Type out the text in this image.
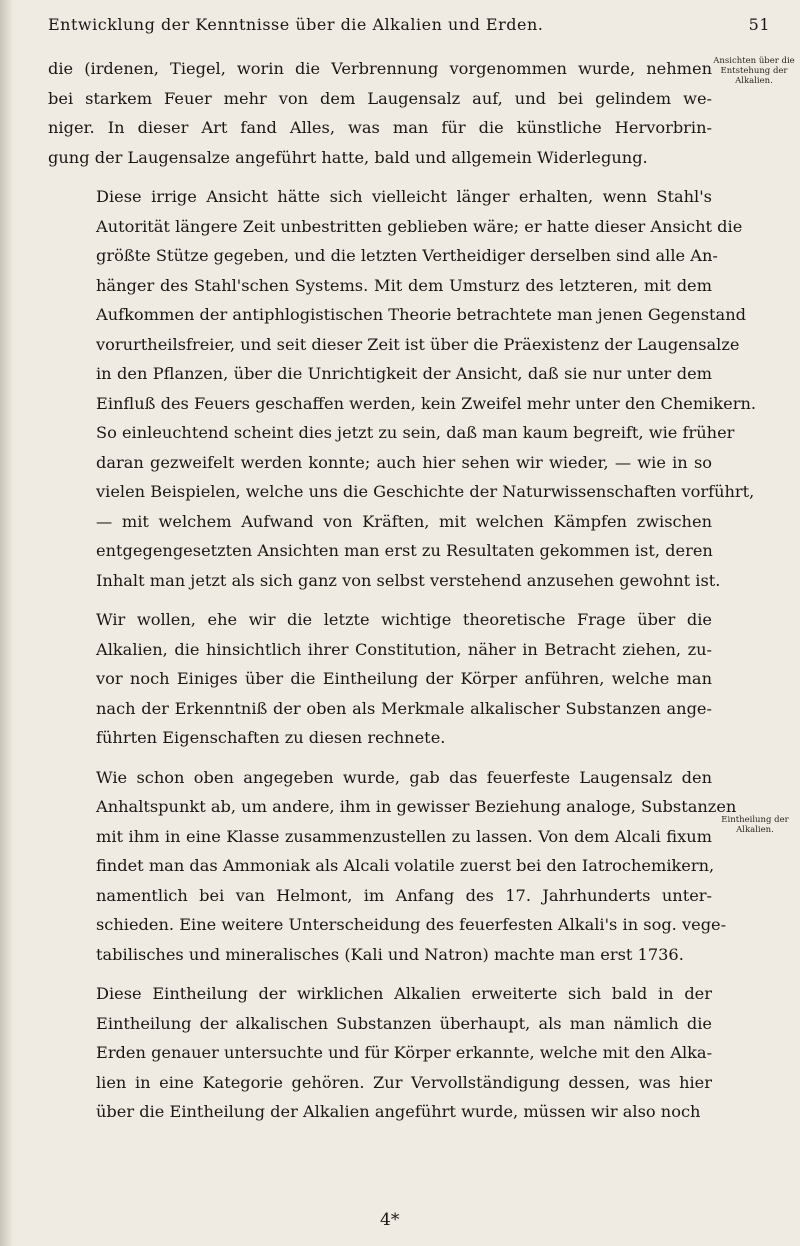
Entwicklung der Kenntnisse über die Alkalien und Erden.	51

die (irdenen, Tiegel, worin die Verbrennung vorgenommen wurde, nehmen
bei starkem Feuer mehr von dem Laugensalz auf, und bei gelindem we-
niger. In dieser Art fand Alles, was man für die künstliche Hervorbrin-
gung der Laugensalze angeführt hatte, bald und allgemein Widerlegung.

Diese irrige Ansicht hätte sich vielleicht länger erhalten, wenn Stahl's
Autorität längere Zeit unbestritten geblieben wäre; er hatte dieser Ansicht die
größte Stütze gegeben, und die letzten Vertheidiger derselben sind alle An-
hänger des Stahl'schen Systems. Mit dem Umsturz des letzteren, mit dem
Aufkommen der antiphlogistischen Theorie betrachtete man jenen Gegenstand
vorurtheilsfreier, und seit dieser Zeit ist über die Präexistenz der Laugensalze
in den Pflanzen, über die Unrichtigkeit der Ansicht, daß sie nur unter dem
Einfluß des Feuers geschaffen werden, kein Zweifel mehr unter den Chemikern.
So einleuchtend scheint dies jetzt zu sein, daß man kaum begreift, wie früher
daran gezweifelt werden konnte; auch hier sehen wir wieder, — wie in so
vielen Beispielen, welche uns die Geschichte der Naturwissenschaften vorführt,
— mit welchem Aufwand von Kräften, mit welchen Kämpfen zwischen
entgegengesetzten Ansichten man erst zu Resultaten gekommen ist, deren
Inhalt man jetzt als sich ganz von selbst verstehend anzusehen gewohnt ist.

Wir wollen, ehe wir die letzte wichtige theoretische Frage über die
Alkalien, die hinsichtlich ihrer Constitution, näher in Betracht ziehen, zu-
vor noch Einiges über die Eintheilung der Körper anführen, welche man
nach der Erkenntniß der oben als Merkmale alkalischer Substanzen ange-
führten Eigenschaften zu diesen rechnete.

Wie schon oben angegeben wurde, gab das feuerfeste Laugensalz den
Anhaltspunkt ab, um andere, ihm in gewisser Beziehung analoge, Substanzen
mit ihm in eine Klasse zusammenzustellen zu lassen. Von dem Alcali fixum
findet man das Ammoniak als Alcali volatile zuerst bei den Iatrochemikern,
namentlich bei van Helmont, im Anfang des 17. Jahrhunderts unter-
schieden. Eine weitere Unterscheidung des feuerfesten Alkali's in sog. vege-
tabilisches und mineralisches (Kali und Natron) machte man erst 1736.

Diese Eintheilung der wirklichen Alkalien erweiterte sich bald in der
Eintheilung der alkalischen Substanzen überhaupt, als man nämlich die
Erden genauer untersuchte und für Körper erkannte, welche mit den Alka-
lien in eine Kategorie gehören. Zur Vervollständigung dessen, was hier
über die Eintheilung der Alkalien angeführt wurde, müssen wir also noch

Ansichten über die Entstehung der Alkalien.
Eintheilung der Alkalien.
4*
